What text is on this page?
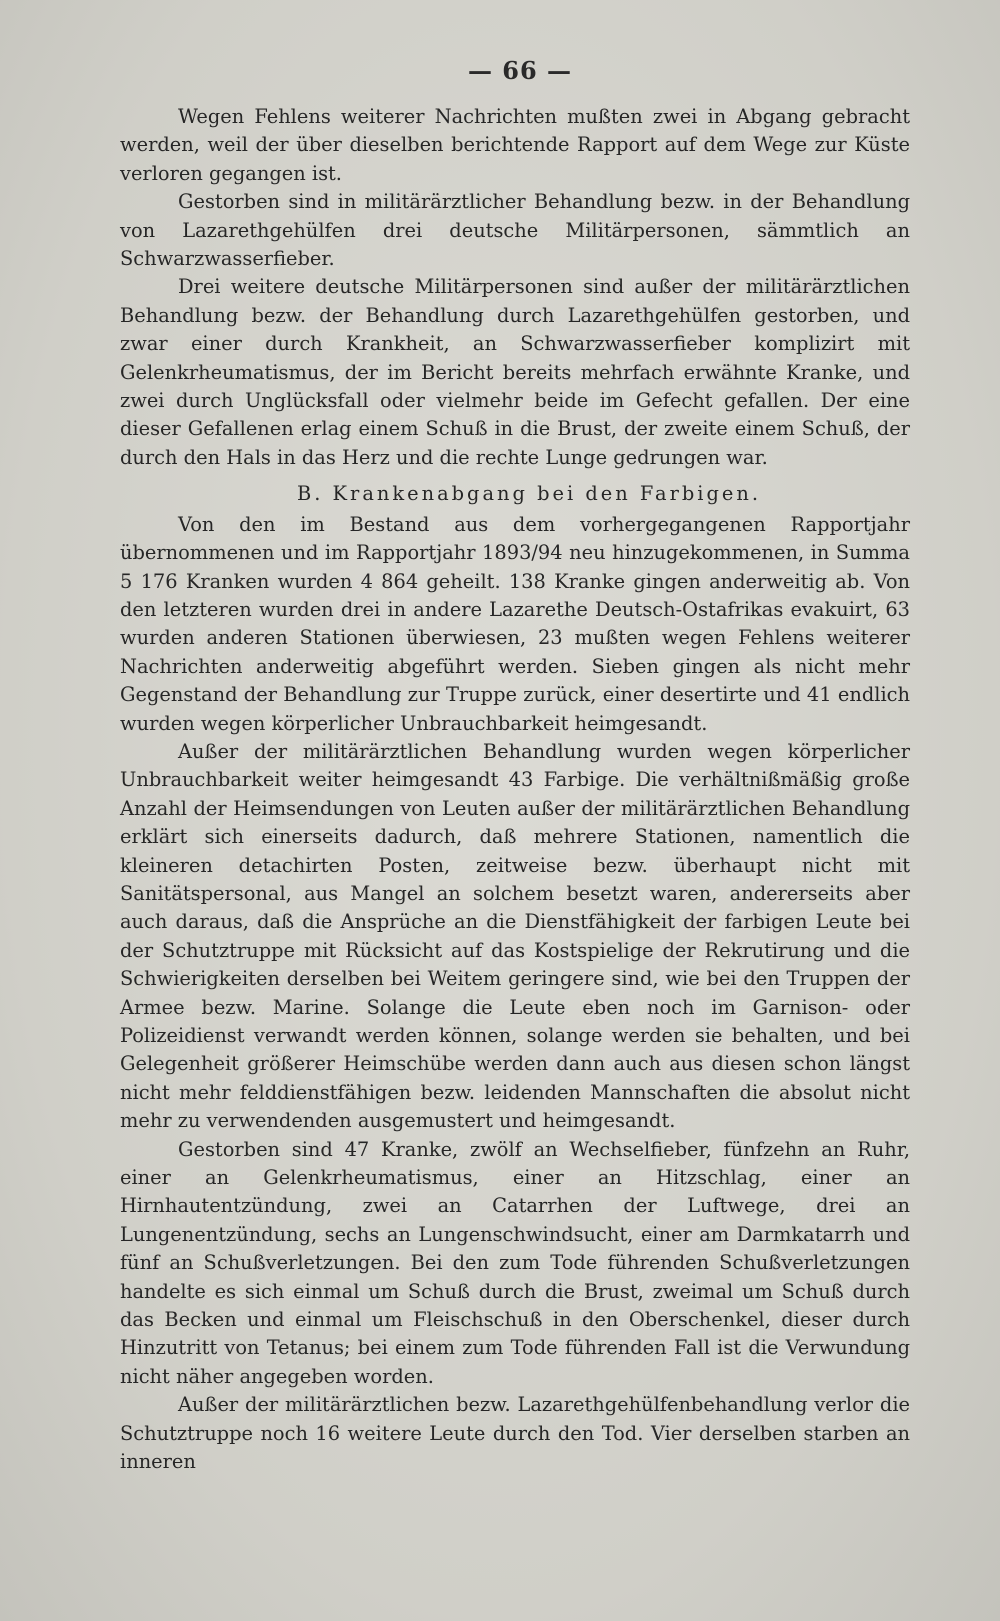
— 66 —

Wegen Fehlens weiterer Nachrichten mußten zwei in Abgang gebracht werden, weil der über dieselben berichtende Rapport auf dem Wege zur Küste verloren gegangen ist.

Gestorben sind in militärärztlicher Behandlung bezw. in der Behandlung von Lazarethgehülfen drei deutsche Militärpersonen, sämmtlich an Schwarzwasserfieber.

Drei weitere deutsche Militärpersonen sind außer der militärärztlichen Behandlung bezw. der Behandlung durch Lazarethgehülfen gestorben, und zwar einer durch Krankheit, an Schwarzwasserfieber komplizirt mit Gelenkrheumatismus, der im Bericht bereits mehrfach erwähnte Kranke, und zwei durch Unglücksfall oder vielmehr beide im Gefecht gefallen. Der eine dieser Gefallenen erlag einem Schuß in die Brust, der zweite einem Schuß, der durch den Hals in das Herz und die rechte Lunge gedrungen war.

B. Krankenabgang bei den Farbigen.

Von den im Bestand aus dem vorhergegangenen Rapportjahr übernommenen und im Rapportjahr 1893/94 neu hinzugekommenen, in Summa 5 176 Kranken wurden 4 864 geheilt. 138 Kranke gingen anderweitig ab. Von den letzteren wurden drei in andere Lazarethe Deutsch-Ostafrikas evakuirt, 63 wurden anderen Stationen überwiesen, 23 mußten wegen Fehlens weiterer Nachrichten anderweitig abgeführt werden. Sieben gingen als nicht mehr Gegenstand der Behandlung zur Truppe zurück, einer desertirte und 41 endlich wurden wegen körperlicher Unbrauchbarkeit heimgesandt.

Außer der militärärztlichen Behandlung wurden wegen körperlicher Unbrauchbarkeit weiter heimgesandt 43 Farbige. Die verhältnißmäßig große Anzahl der Heimsendungen von Leuten außer der militärärztlichen Behandlung erklärt sich einerseits dadurch, daß mehrere Stationen, namentlich die kleineren detachirten Posten, zeitweise bezw. überhaupt nicht mit Sanitätspersonal, aus Mangel an solchem besetzt waren, andererseits aber auch daraus, daß die Ansprüche an die Dienstfähigkeit der farbigen Leute bei der Schutztruppe mit Rücksicht auf das Kostspielige der Rekrutirung und die Schwierigkeiten derselben bei Weitem geringere sind, wie bei den Truppen der Armee bezw. Marine. Solange die Leute eben noch im Garnison- oder Polizeidienst verwandt werden können, solange werden sie behalten, und bei Gelegenheit größerer Heimschübe werden dann auch aus diesen schon längst nicht mehr felddienstfähigen bezw. leidenden Mannschaften die absolut nicht mehr zu verwendenden ausgemustert und heimgesandt.

Gestorben sind 47 Kranke, zwölf an Wechselfieber, fünfzehn an Ruhr, einer an Gelenkrheumatismus, einer an Hitzschlag, einer an Hirnhautentzündung, zwei an Catarrhen der Luftwege, drei an Lungenentzündung, sechs an Lungenschwindsucht, einer am Darmkatarrh und fünf an Schußverletzungen. Bei den zum Tode führenden Schußverletzungen handelte es sich einmal um Schuß durch die Brust, zweimal um Schuß durch das Becken und einmal um Fleischschuß in den Oberschenkel, dieser durch Hinzutritt von Tetanus; bei einem zum Tode führenden Fall ist die Verwundung nicht näher angegeben worden.

Außer der militärärztlichen bezw. Lazarethgehülfenbehandlung verlor die Schutztruppe noch 16 weitere Leute durch den Tod. Vier derselben starben an inneren
